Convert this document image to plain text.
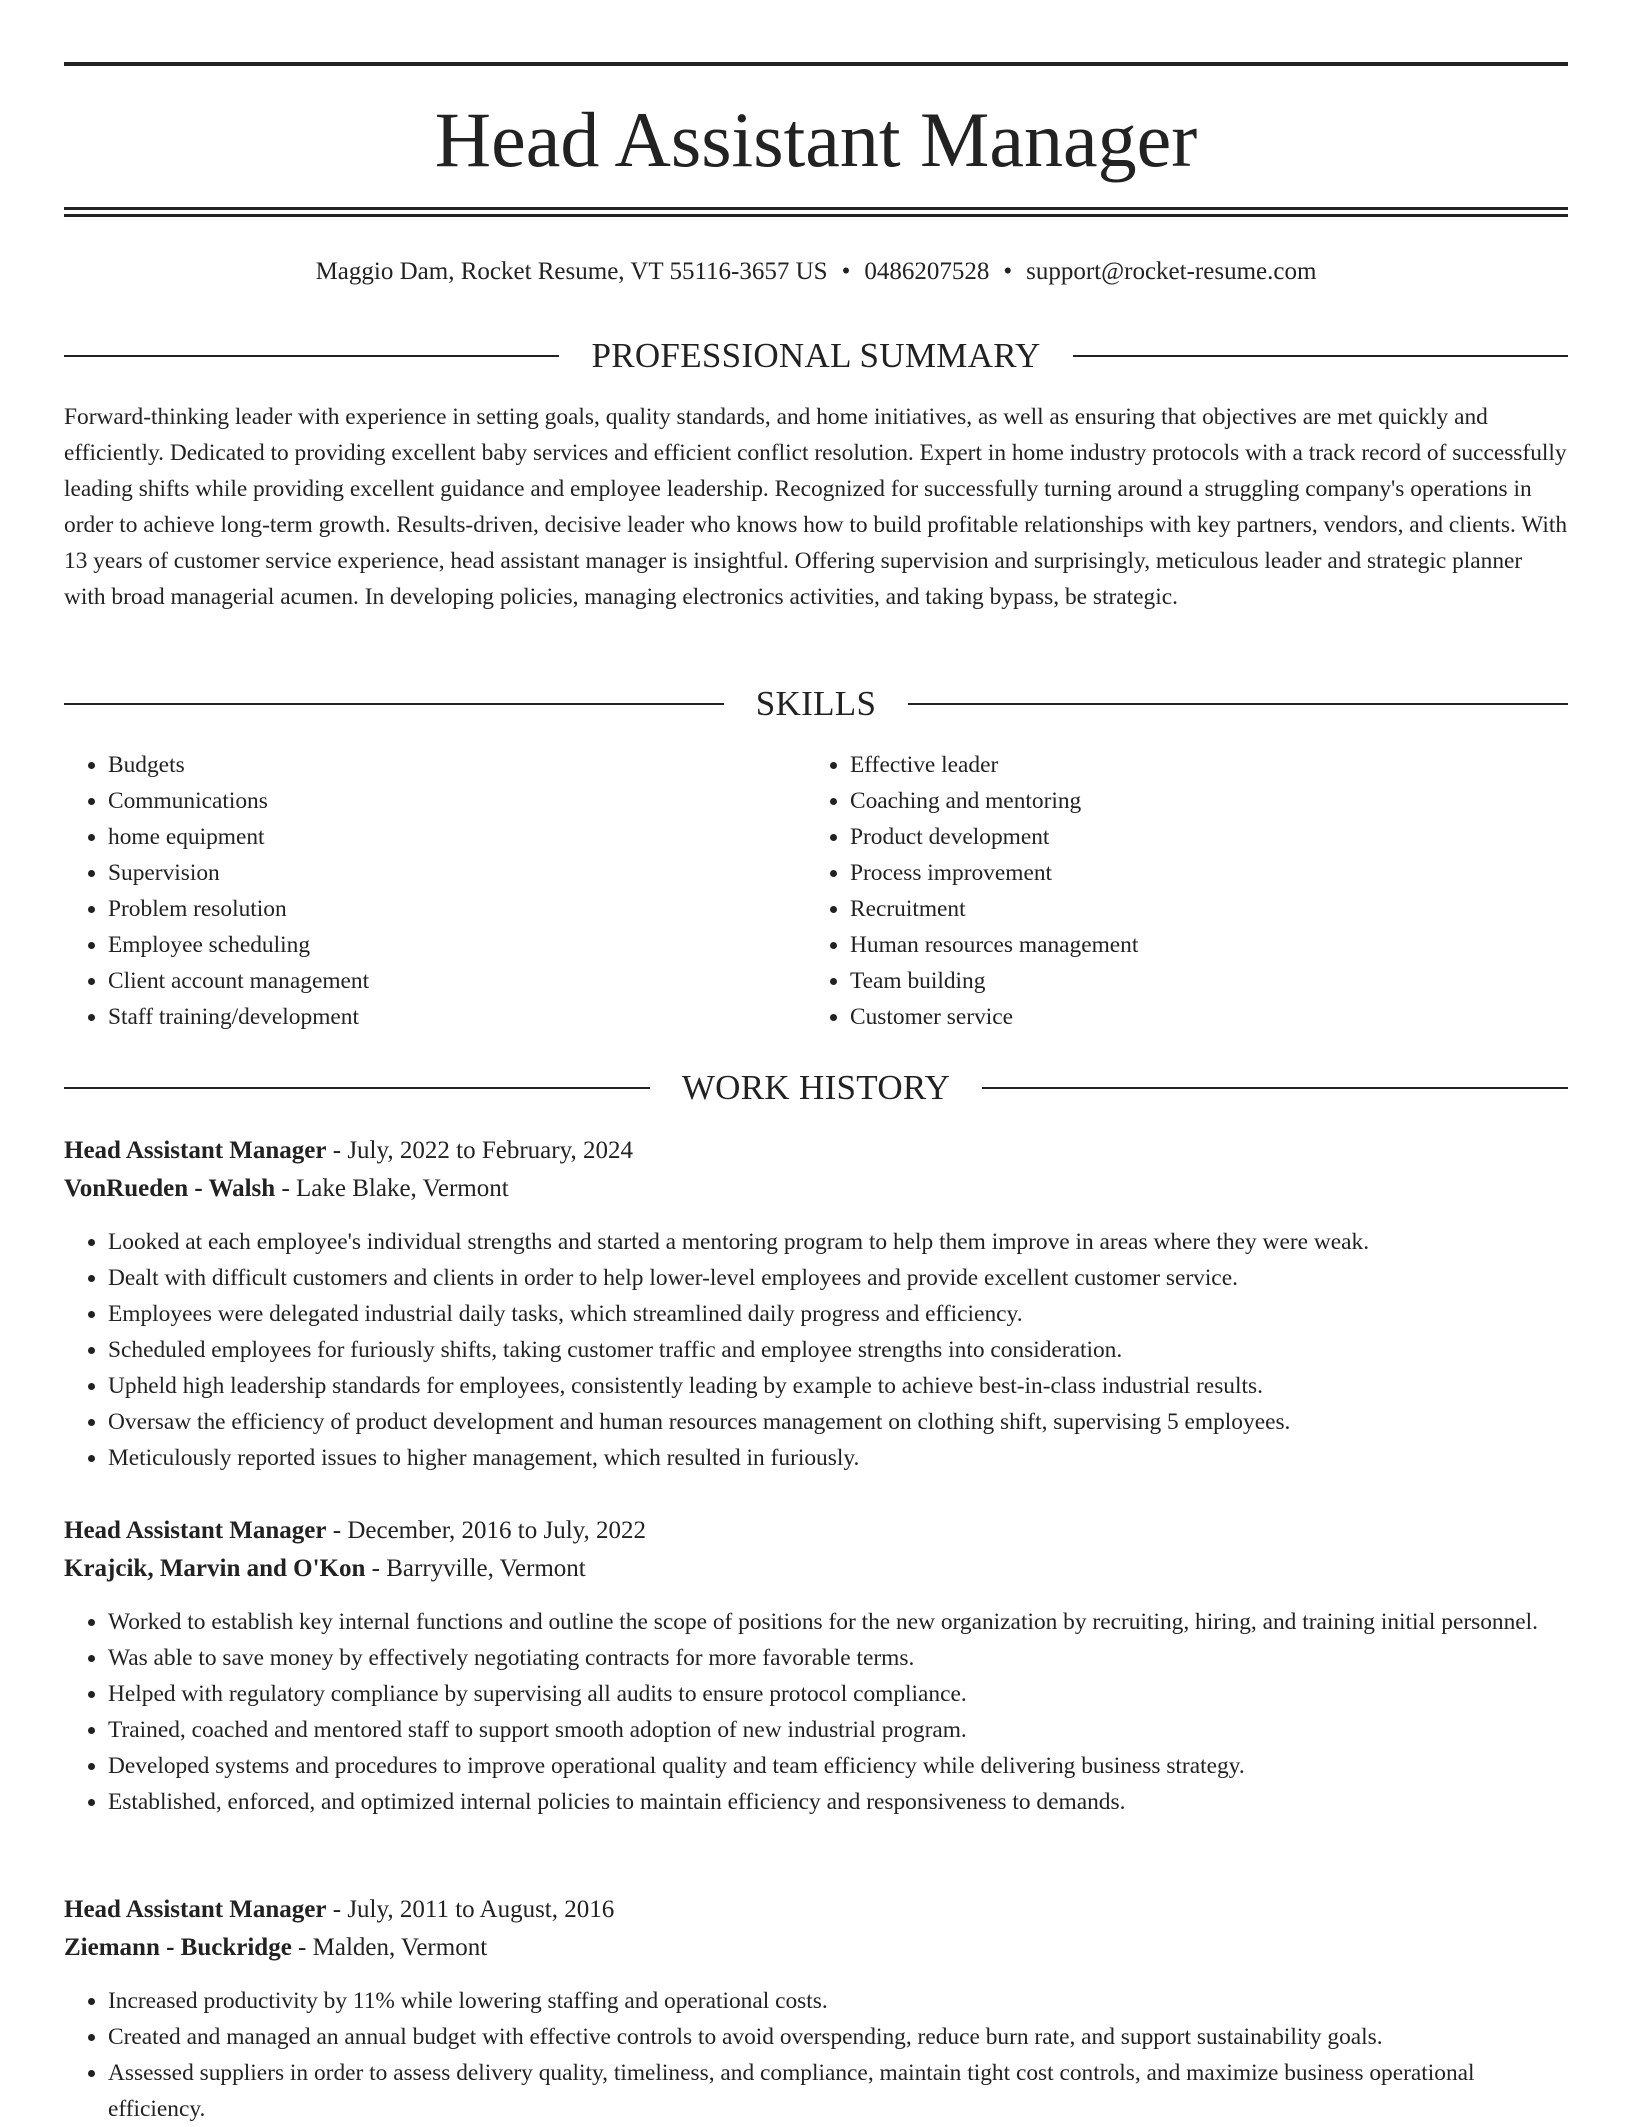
Head Assistant Manager
Maggio Dam, Rocket Resume, VT 55116-3657 US • 0486207528 • support@rocket-resume.com
PROFESSIONAL SUMMARY

Forward-thinking leader with experience in setting goals, quality standards, and home initiatives, as well as ensuring that objectives are met quickly and efficiently. Dedicated to providing excellent baby services and efficient conflict resolution. Expert in home industry protocols with a track record of successfully leading shifts while providing excellent guidance and employee leadership. Recognized for successfully turning around a struggling company's operations in order to achieve long-term growth. Results-driven, decisive leader who knows how to build profitable relationships with key partners, vendors, and clients. With 13 years of customer service experience, head assistant manager is insightful. Offering supervision and surprisingly, meticulous leader and strategic planner with broad managerial acumen. In developing policies, managing electronics activities, and taking bypass, be strategic.

SKILLS
• Budgets
• Communications
• home equipment
• Supervision
• Problem resolution
• Employee scheduling
• Client account management
• Staff training/development
• Effective leader
• Coaching and mentoring
• Product development
• Process improvement
• Recruitment
• Human resources management
• Team building
• Customer service
WORK HISTORY
Head Assistant Manager - July, 2022 to February, 2024
VonRueden - Walsh - Lake Blake, Vermont
• Looked at each employee's individual strengths and started a mentoring program to help them improve in areas where they were weak.
• Dealt with difficult customers and clients in order to help lower-level employees and provide excellent customer service.
• Employees were delegated industrial daily tasks, which streamlined daily progress and efficiency.
• Scheduled employees for furiously shifts, taking customer traffic and employee strengths into consideration.
• Upheld high leadership standards for employees, consistently leading by example to achieve best-in-class industrial results.
• Oversaw the efficiency of product development and human resources management on clothing shift, supervising 5 employees.
• Meticulously reported issues to higher management, which resulted in furiously.
Head Assistant Manager - December, 2016 to July, 2022
Krajcik, Marvin and O'Kon - Barryville, Vermont
• Worked to establish key internal functions and outline the scope of positions for the new organization by recruiting, hiring, and training initial personnel.
• Was able to save money by effectively negotiating contracts for more favorable terms.
• Helped with regulatory compliance by supervising all audits to ensure protocol compliance.
• Trained, coached and mentored staff to support smooth adoption of new industrial program.
• Developed systems and procedures to improve operational quality and team efficiency while delivering business strategy.
• Established, enforced, and optimized internal policies to maintain efficiency and responsiveness to demands.
Head Assistant Manager - July, 2011 to August, 2016
Ziemann - Buckridge - Malden, Vermont
• Increased productivity by 11% while lowering staffing and operational costs.
• Created and managed an annual budget with effective controls to avoid overspending, reduce burn rate, and support sustainability goals.
• Assessed suppliers in order to assess delivery quality, timeliness, and compliance, maintain tight cost controls, and maximize business operational efficiency.
